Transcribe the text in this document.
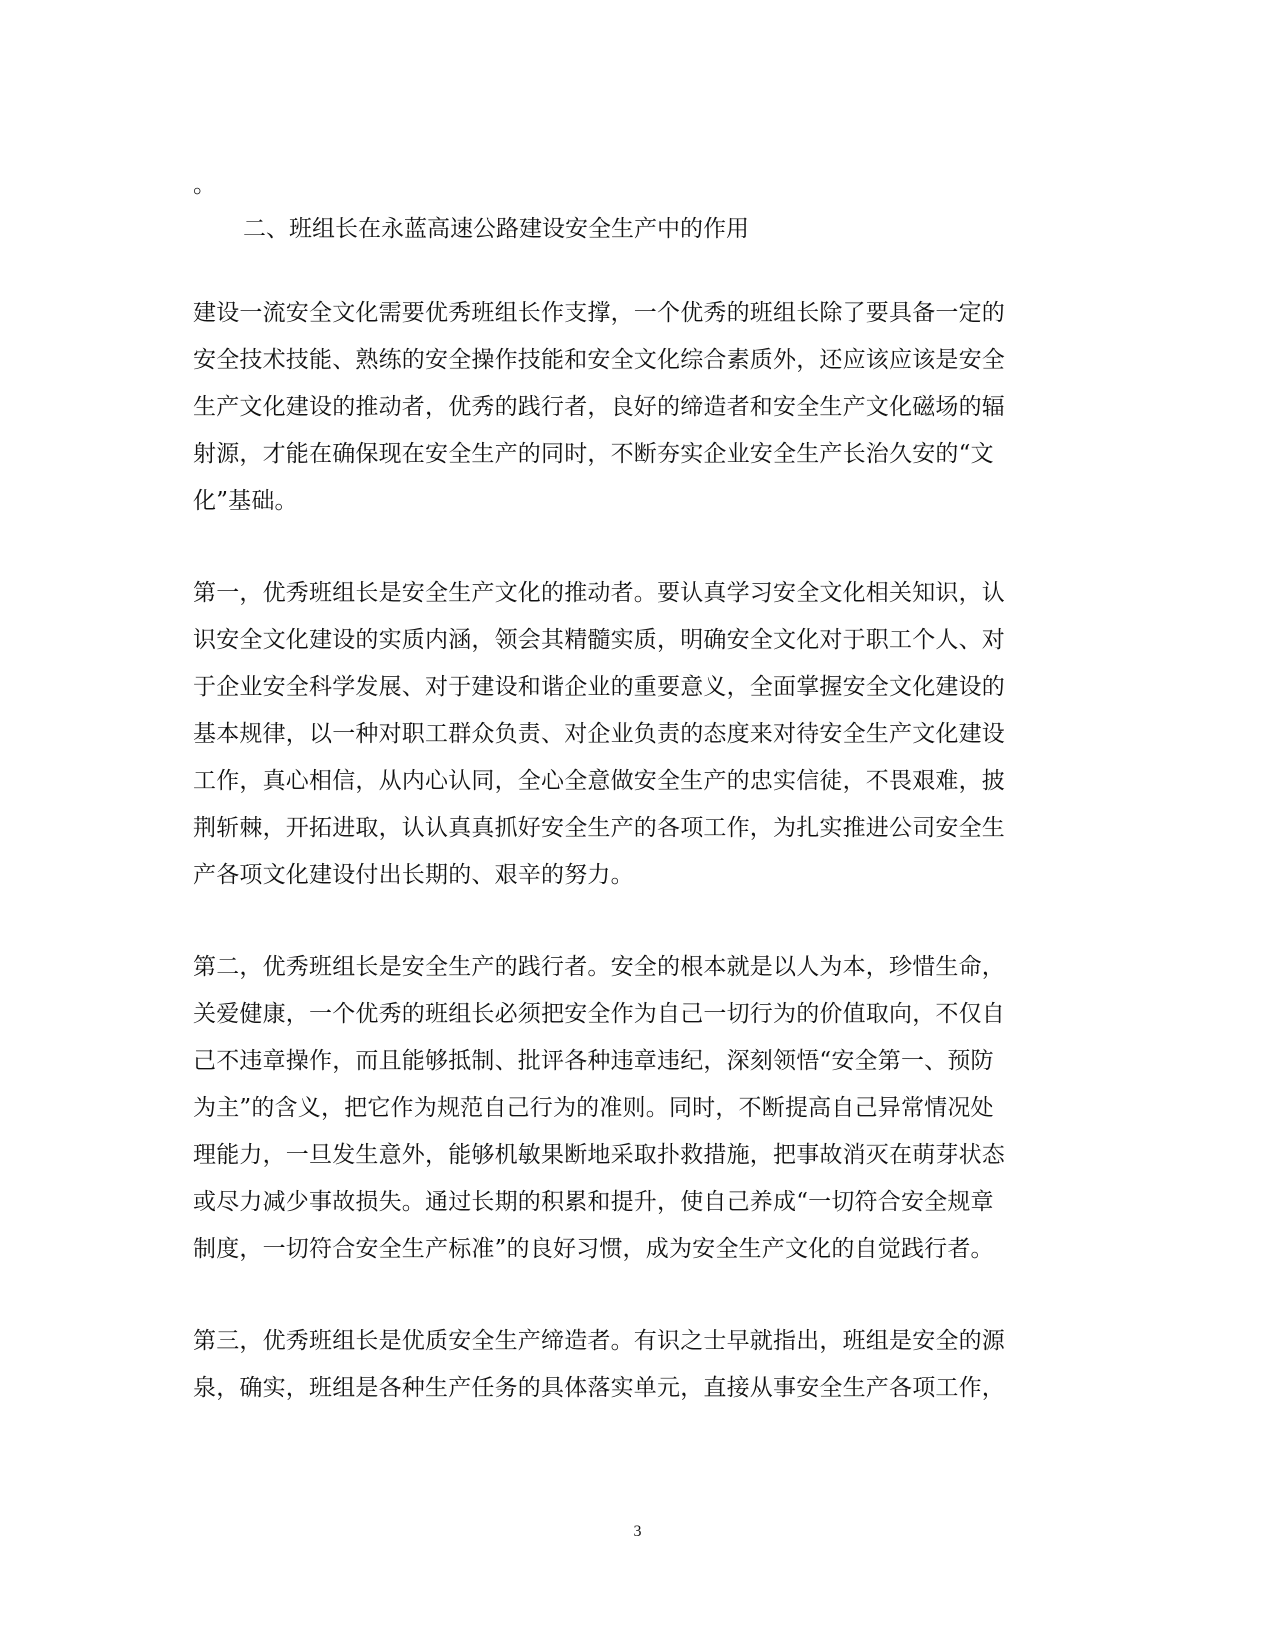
。
二、班组长在永蓝高速公路建设安全生产中的作用
建设一流安全文化需要优秀班组长作支撑，一个优秀的班组长除了要具备一定的
安全技术技能、熟练的安全操作技能和安全文化综合素质外，还应该应该是安全
生产文化建设的推动者，优秀的践行者，良好的缔造者和安全生产文化磁场的辐
射源，才能在确保现在安全生产的同时，不断夯实企业安全生产长治久安的“文
化”基础。
第一，优秀班组长是安全生产文化的推动者。要认真学习安全文化相关知识，认
识安全文化建设的实质内涵，领会其精髓实质，明确安全文化对于职工个人、对
于企业安全科学发展、对于建设和谐企业的重要意义，全面掌握安全文化建设的
基本规律，以一种对职工群众负责、对企业负责的态度来对待安全生产文化建设
工作，真心相信，从内心认同，全心全意做安全生产的忠实信徒，不畏艰难，披
荆斩棘，开拓进取，认认真真抓好安全生产的各项工作，为扎实推进公司安全生
产各项文化建设付出长期的、艰辛的努力。
第二，优秀班组长是安全生产的践行者。安全的根本就是以人为本，珍惜生命，
关爱健康，一个优秀的班组长必须把安全作为自己一切行为的价值取向，不仅自
己不违章操作，而且能够抵制、批评各种违章违纪，深刻领悟“安全第一、预防
为主”的含义，把它作为规范自己行为的准则。同时，不断提高自己异常情况处
理能力，一旦发生意外，能够机敏果断地采取扑救措施，把事故消灭在萌芽状态
或尽力减少事故损失。通过长期的积累和提升，使自己养成“一切符合安全规章
制度，一切符合安全生产标准”的良好习惯，成为安全生产文化的自觉践行者。
第三，优秀班组长是优质安全生产缔造者。有识之士早就指出，班组是安全的源
泉，确实，班组是各种生产任务的具体落实单元，直接从事安全生产各项工作，
3
